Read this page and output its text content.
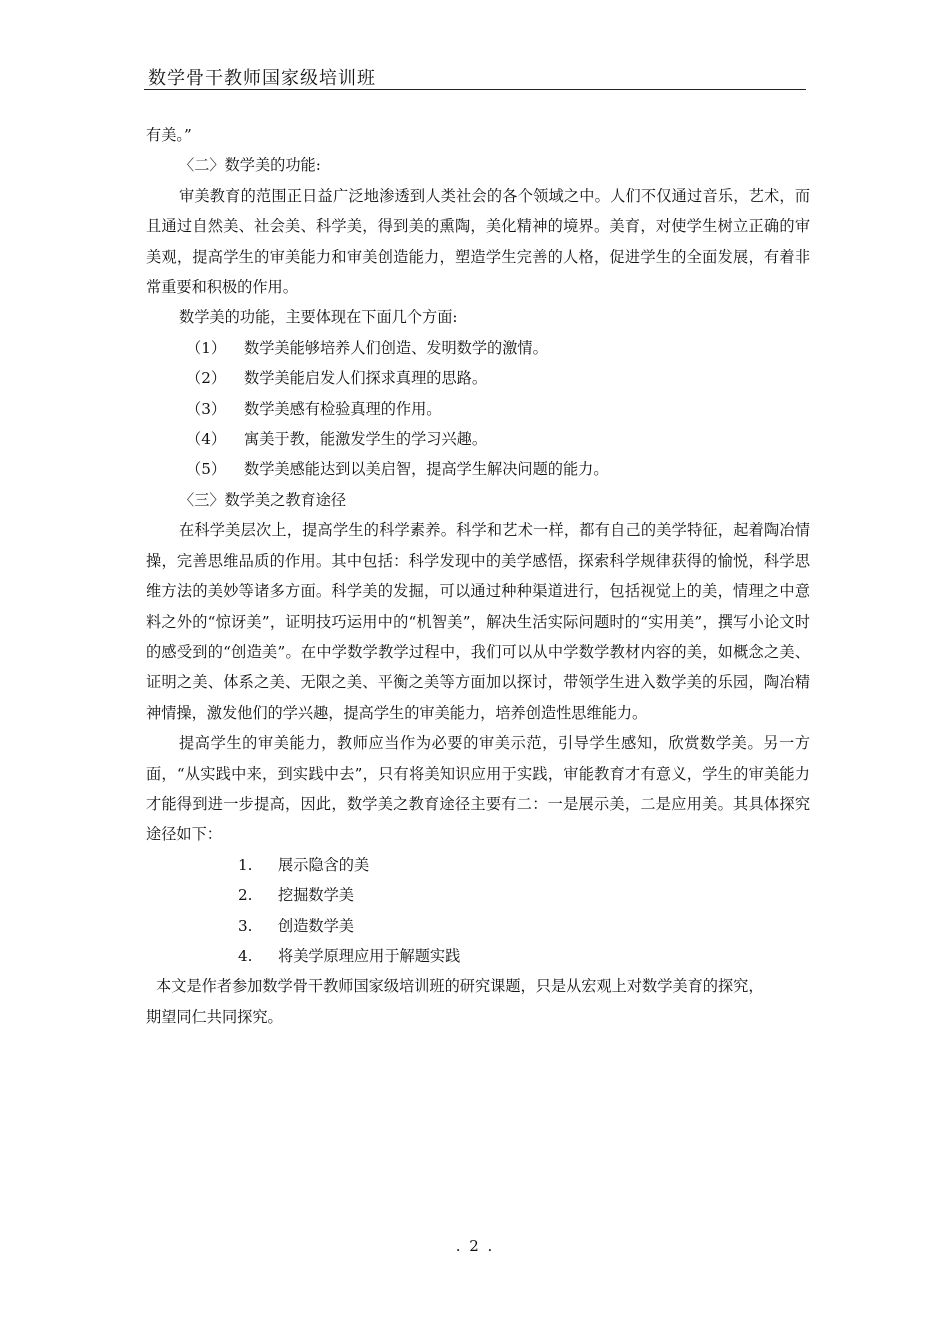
数学骨干教师国家级培训班

有美。”

〈二〉数学美的功能:

审美教育的范围正日益广泛地渗透到人类社会的各个领域之中。人们不仅通过音乐，艺术，而且通过自然美、社会美、科学美，得到美的熏陶，美化精神的境界。美育，对使学生树立正确的审美观，提高学生的审美能力和审美创造能力，塑造学生完善的人格，促进学生的全面发展，有着非常重要和积极的作用。

数学美的功能，主要体现在下面几个方面:

（1）	数学美能够培养人们创造、发明数学的激情。
（2）	数学美能启发人们探求真理的思路。
（3）	数学美感有检验真理的作用。
（4）	寓美于教，能激发学生的学习兴趣。
（5）	数学美感能达到以美启智，提高学生解决问题的能力。

〈三〉数学美之教育途径

在科学美层次上，提高学生的科学素养。科学和艺术一样，都有自己的美学特征，起着陶冶情操，完善思维品质的作用。其中包括：科学发现中的美学感悟，探索科学规律获得的愉悦，科学思维方法的美妙等诸多方面。科学美的发掘，可以通过种种渠道进行，包括视觉上的美，情理之中意料之外的“惊讶美”，证明技巧运用中的“机智美”，解决生活实际问题时的“实用美”，撰写小论文时的感受到的“创造美”。在中学数学教学过程中，我们可以从中学数学教材内容的美，如概念之美、证明之美、体系之美、无限之美、平衡之美等方面加以探讨，带领学生进入数学美的乐园，陶冶精神情操，激发他们的学兴趣，提高学生的审美能力，培养创造性思维能力。

提高学生的审美能力，教师应当作为必要的审美示范，引导学生感知，欣赏数学美。另一方面，“从实践中来，到实践中去”，只有将美知识应用于实践，审能教育才有意义，学生的审美能力才能得到进一步提高，因此，数学美之教育途径主要有二：一是展示美，二是应用美。其具体探究途径如下：

1.	展示隐含的美
2.	挖掘数学美
3.	创造数学美
4.	将美学原理应用于解题实践

本文是作者参加数学骨干教师国家级培训班的研究课题，只是从宏观上对数学美育的探究，

期望同仁共同探究。

. 2 .
